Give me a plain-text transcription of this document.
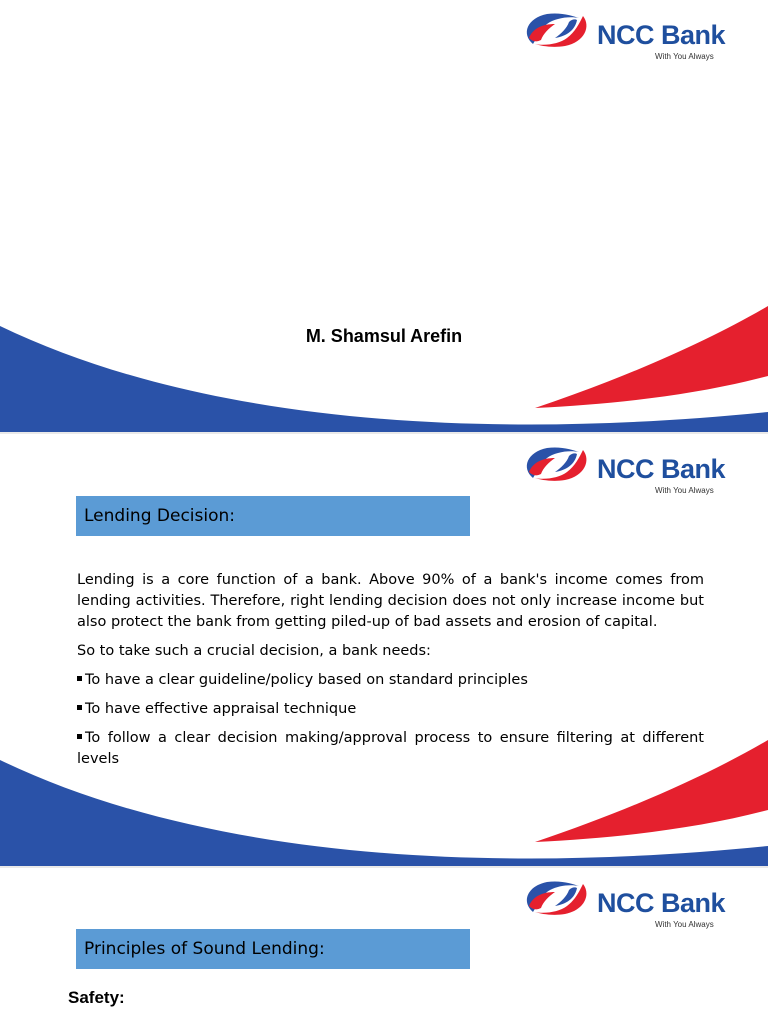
NCC Bank
With You Always
M. Shamsul Arefin
NCC Bank
With You Always
Lending Decision:

Lending is a core function of a bank. Above 90% of a bank's income comes from lending activities. Therefore, right lending decision does not only increase income but also protect the bank from getting piled-up of bad assets and erosion of capital.

So to take such a crucial decision, a bank needs:

To have a clear guideline/policy based on standard principles

To have effective appraisal technique

To follow a clear decision making/approval process to ensure filtering at different levels

NCC Bank
With You Always
Principles of Sound Lending:
Safety:
